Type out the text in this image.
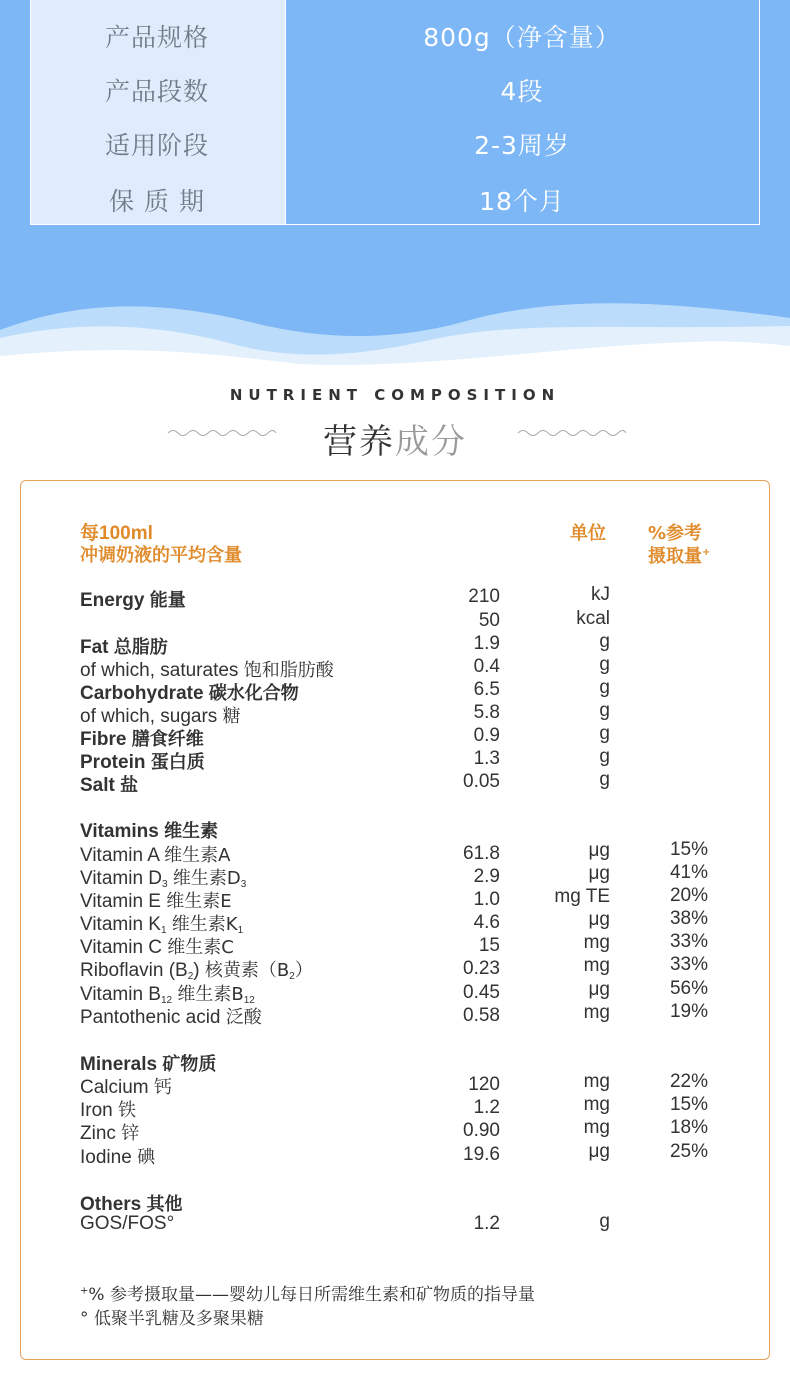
产品规格	800g（净含量）
产品段数	4段
适用阶段	2-3周岁
保 质 期	18个月
NUTRIENT COMPOSITION
营养成分
每100ml
冲调奶液的平均含量
单位 %参考
摄取量+
Energy 能量	210	kJ
50	kcal
Fat 总脂肪	1.9	g
of which, saturates 饱和脂肪酸	0.4	g
Carbohydrate 碳水化合物	6.5	g
of which, sugars 糖	5.8	g
Fibre 膳食纤维	0.9	g
Protein 蛋白质	1.3	g
Salt 盐	0.05	g
Vitamins 维生素
Vitamin A 维生素A	61.8	μg	15%
Vitamin $D_3$ 维生素$D_3$	2.9	μg	41%
Vitamin E 维生素E	1.0	mg TE	20%
Vitamin $K_1$ 维生素$K_1$	4.6	μg	38%
Vitamin C 维生素C	15	mg	33%
Riboflavin $(B_2)$ 核黄素$(B_2)$	0.23	mg	33%
Vitamin $B_{12}$ 维生素$B_{12}$	0.45	μg	56%
Pantothenic acid 泛酸	0.58	mg	19%
Minerals 矿物质
Calcium 钙	120	mg	22%
Iron 铁	1.2	mg	15%
Zinc 锌	0.90	mg	18%
Iodine 碘	19.6	μg	25%
Others 其他
GOS/FOS°	1.2	g
+% 参考摄取量——婴幼儿每日所需维生素和矿物质的指导量
° 低聚半乳糖及多聚果糖
